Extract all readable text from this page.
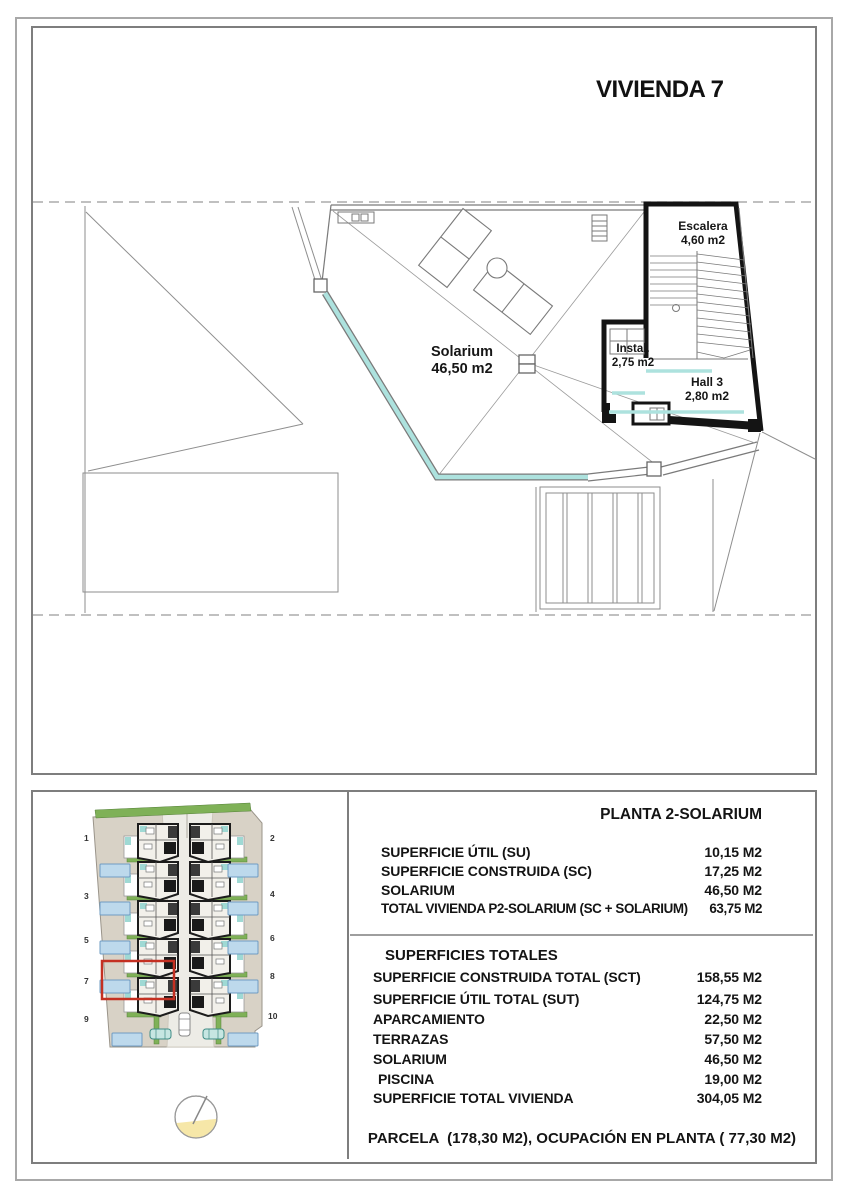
VIVIENDA 7
Solarium
46,50 m2
Escalera
4,60 m2
Instal.
2,75 m2
Hall 3
2,80 m2
1
3
5
7
9
2
4
6
8
10
PLANTA 2-SOLARIUM
SUPERFICIE ÚTIL (SU)	10,15 M2
SUPERFICIE CONSTRUIDA (SC)	17,25 M2
SOLARIUM	46,50 M2
TOTAL VIVIENDA P2-SOLARIUM (SC + SOLARIUM) 63,75 M2
SUPERFICIES TOTALES
SUPERFICIE CONSTRUIDA TOTAL (SCT)	158,55 M2
SUPERFICIE ÚTIL TOTAL (SUT)	124,75 M2
APARCAMIENTO	22,50 M2
TERRAZAS	57,50 M2
SOLARIUM	46,50 M2
PISCINA	19,00 M2
SUPERFICIE TOTAL VIVIENDA	304,05 M2
PARCELA  (178,30 M2), OCUPACIÓN EN PLANTA ( 77,30 M2)
